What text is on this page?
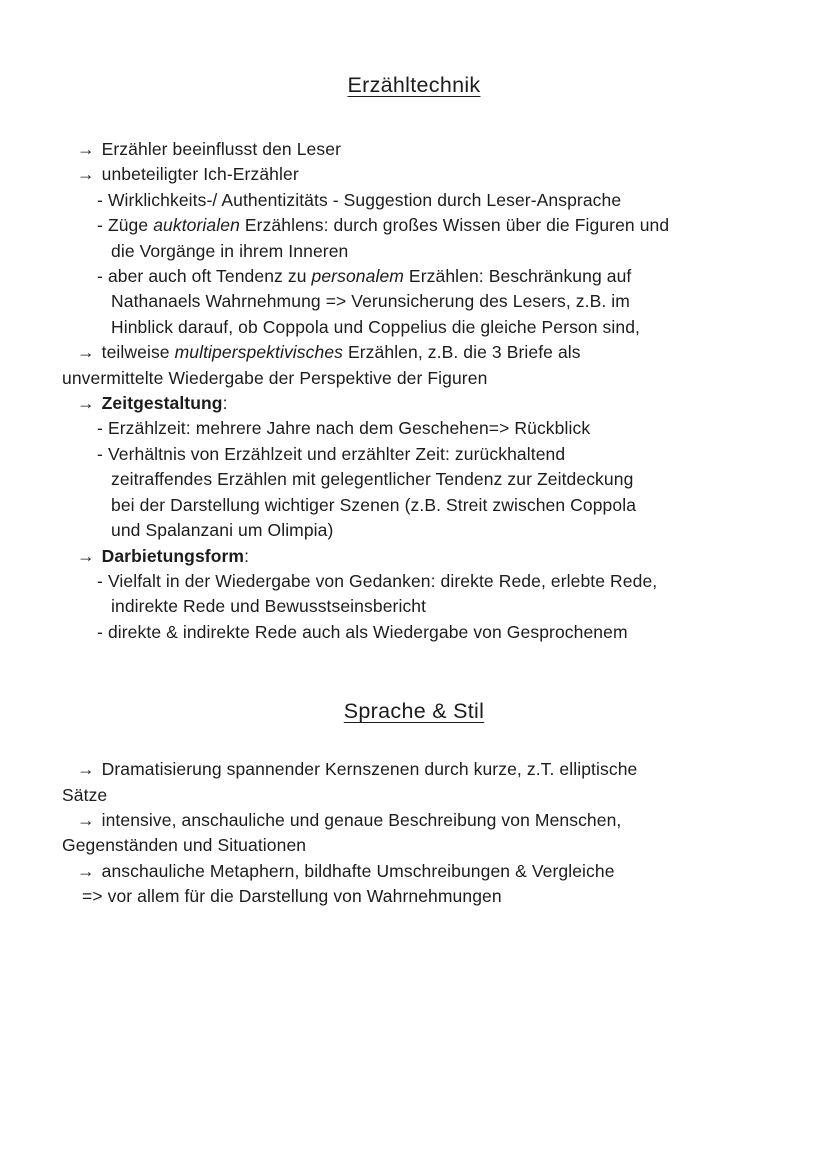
Erzähltechnik
→ Erzähler beeinflusst den Leser
→ unbeteiligter Ich-Erzähler
- Wirklichkeits-/ Authentizitäts - Suggestion durch Leser-Ansprache
- Züge auktorialen Erzählens: durch großes Wissen über die Figuren und
die Vorgänge in ihrem Inneren
- aber auch oft Tendenz zu personalem Erzählen: Beschränkung auf
Nathanaels Wahrnehmung => Verunsicherung des Lesers, z.B. im
Hinblick darauf, ob Coppola und Coppelius die gleiche Person sind,
→ teilweise multiperspektivisches Erzählen, z.B. die 3 Briefe als
unvermittelte Wiedergabe der Perspektive der Figuren
→ Zeitgestaltung:
- Erzählzeit: mehrere Jahre nach dem Geschehen=> Rückblick
- Verhältnis von Erzählzeit und erzählter Zeit: zurückhaltend
zeitraffendes Erzählen mit gelegentlicher Tendenz zur Zeitdeckung
bei der Darstellung wichtiger Szenen (z.B. Streit zwischen Coppola
und Spalanzani um Olimpia)
→ Darbietungsform:
- Vielfalt in der Wiedergabe von Gedanken: direkte Rede, erlebte Rede,
indirekte Rede und Bewusstseinsbericht
- direkte & indirekte Rede auch als Wiedergabe von Gesprochenem
Sprache & Stil
→ Dramatisierung spannender Kernszenen durch kurze, z.T. elliptische
Sätze
→ intensive, anschauliche und genaue Beschreibung von Menschen,
Gegenständen und Situationen
→ anschauliche Metaphern, bildhafte Umschreibungen & Vergleiche
=> vor allem für die Darstellung von Wahrnehmungen
